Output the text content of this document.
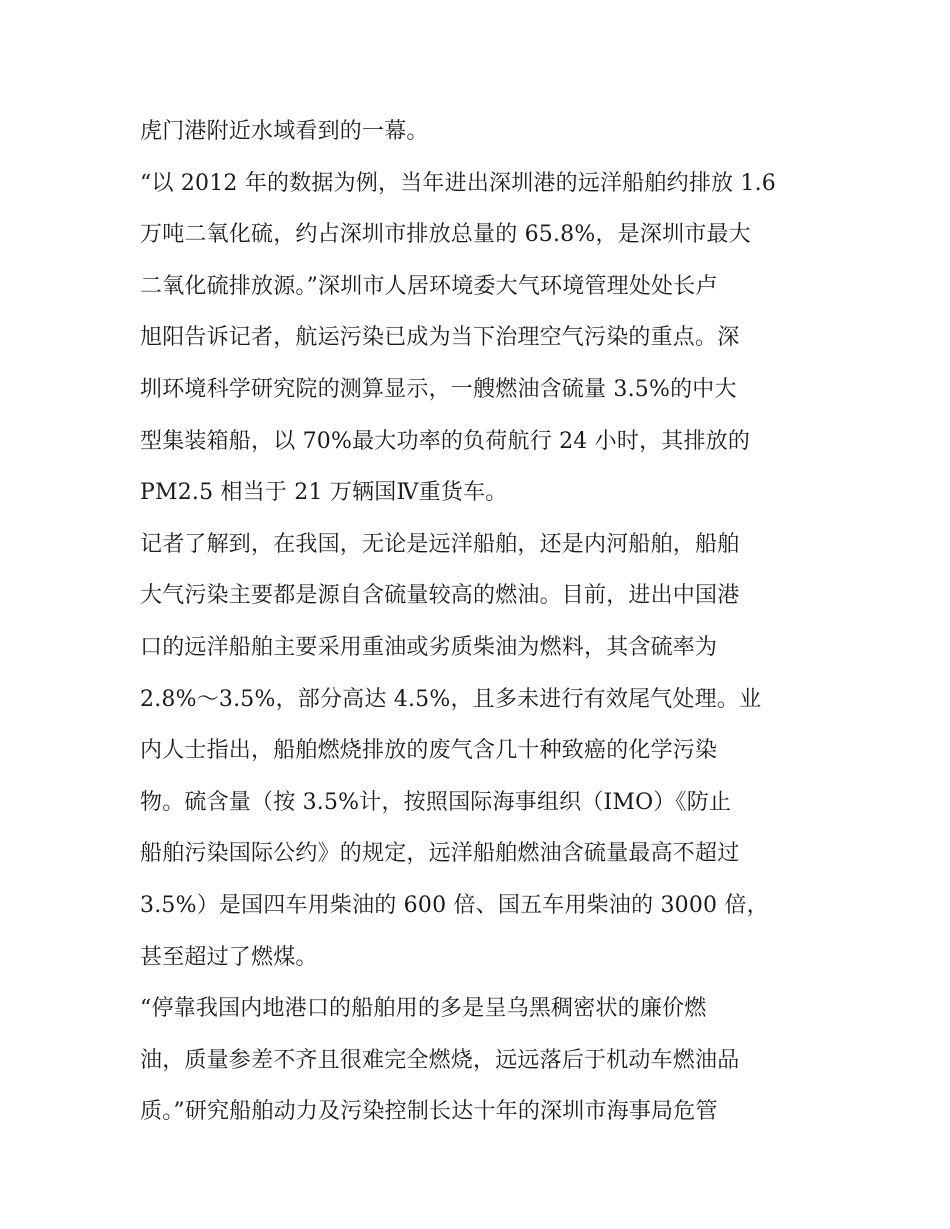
虎门港附近水域看到的一幕。
“以 2012 年的数据为例，当年进出深圳港的远洋船舶约排放 1.6
万吨二氧化硫，约占深圳市排放总量的 65.8%，是深圳市最大
二氧化硫排放源。”深圳市人居环境委大气环境管理处处长卢
旭阳告诉记者，航运污染已成为当下治理空气污染的重点。深
圳环境科学研究院的测算显示，一艘燃油含硫量 3.5%的中大
型集装箱船，以 70%最大功率的负荷航行 24 小时，其排放的
PM2.5 相当于 21 万辆国Ⅳ重货车。
记者了解到，在我国，无论是远洋船舶，还是内河船舶，船舶
大气污染主要都是源自含硫量较高的燃油。目前，进出中国港
口的远洋船舶主要采用重油或劣质柴油为燃料，其含硫率为
2.8%～3.5%，部分高达 4.5%，且多未进行有效尾气处理。业
内人士指出，船舶燃烧排放的废气含几十种致癌的化学污染
物。硫含量（按 3.5%计，按照国际海事组织（IMO）《防止
船舶污染国际公约》的规定，远洋船舶燃油含硫量最高不超过
3.5%）是国四车用柴油的 600 倍、国五车用柴油的 3000 倍，
甚至超过了燃煤。
“停靠我国内地港口的船舶用的多是呈乌黑稠密状的廉价燃
油，质量参差不齐且很难完全燃烧，远远落后于机动车燃油品
质。”研究船舶动力及污染控制长达十年的深圳市海事局危管
